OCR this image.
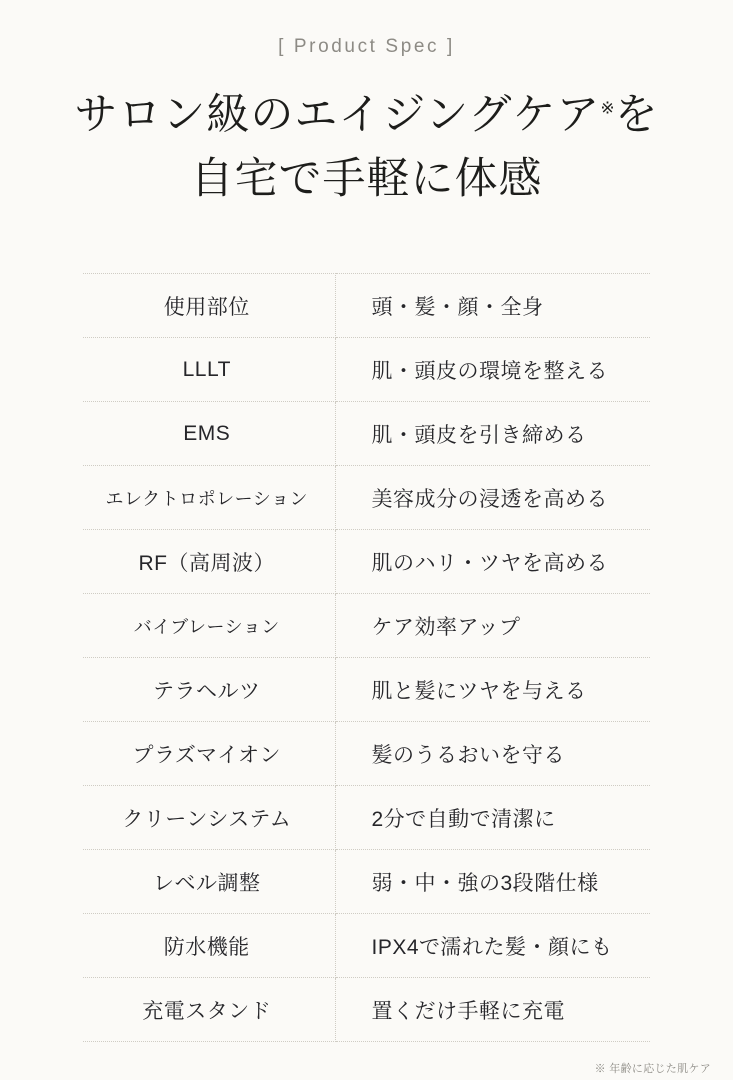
[ Product Spec ]
サロン級のエイジングケア※を
自宅で手軽に体感
使用部位	頭・髪・顔・全身
LLLT	肌・頭皮の環境を整える
EMS	肌・頭皮を引き締める
エレクトロポレーション	美容成分の浸透を高める
RF（高周波）	肌のハリ・ツヤを高める
バイブレーション	ケア効率アップ
テラヘルツ	肌と髪にツヤを与える
プラズマイオン	髪のうるおいを守る
クリーンシステム	2分で自動で清潔に
レベル調整	弱・中・強の3段階仕様
防水機能	IPX4で濡れた髪・顔にも
充電スタンド	置くだけ手軽に充電
※ 年齢に応じた肌ケア
